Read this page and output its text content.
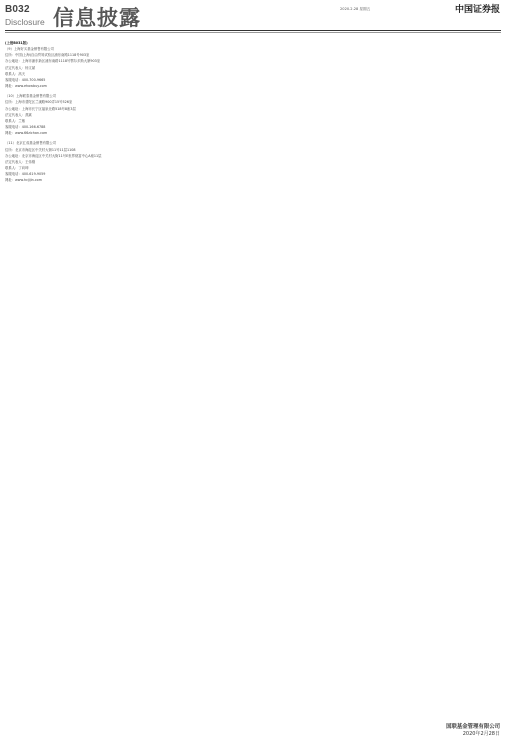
B032
Disclosure 信息披露	2020.2.28 星期五	中国证券报
(上接B031版)
（9）上海好买基金销售有限公司
住所：中国(上海)自由贸易试验区浦东南路1118号903室
办公地址：上海市浦东新区浦东南路1118号鄂尔多斯大厦903室
法定代表人：杨文斌
联系人：高天
客服电话：400-700-9665
网址：www.ehowbuy.com
（10）上海联泰基金销售有限公司
住所：上海市普陀区兰溪路900弄15号526室
办公地址：上海市长宁区福泉北路518号8座3层
法定代表人：燕斌
联系人：兰敏
客服电话：400-166-6788
网址：www.66zichan.com
（11）北京汇成基金销售有限公司
住所：北京市海淀区中关村大街11号11层1108
办公地址：北京市海淀区中关村大街11号E世界财富中心A座11层
法定代表人：王伟刚
联系人：丁向坤
客服电话：400-619-9059
网址：www.hcjijin.com
国联基金管理有限公司
2020年2月28日
